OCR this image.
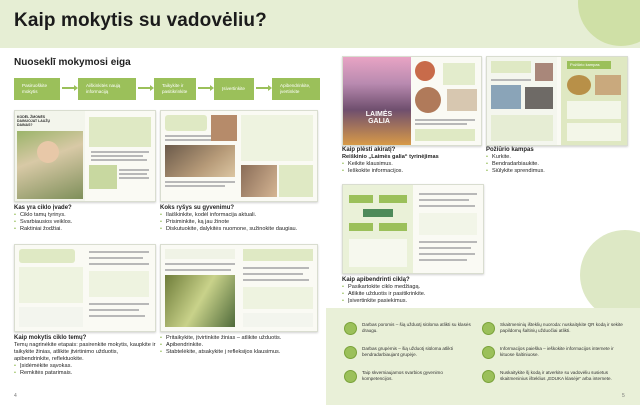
Kaip mokytis su vadovėliu?
Nuoseklī mokymosi eiga
Pasiruoškite mokytis
Aiškinkitės naują informaciją
Taikykite ir pasitikrinkite	Įsivertinkite
Apibendrinkite, įvertinkite
KODĖL ŽMONĖS DAINUOJAT LAUŽŲ DAINAS?
LAIMĖS GALIA
Požiūrio kampas
Kas yra ciklo įvade?
• Ciklo tamų tyrinys.
• Svarbiausios veiklos.
• Raktiniai žodžiai.
Koks ryšys su gyvenimu?
• Ilaiškinkite, kodėl informacija aktuali.
• Prisiminkite, ką jau žinote
• Diskutuokite, dalykitės nuomone, sužinokite daugiau.
Kaip plėsti akiratį?
Reiškinio „Laimės galia“ tyrinėjimas
• Keikite klausimus.
• Ieškokite informacijos.
Požiūrio kampas
• Kurkite.
• Bendradarbiaukite.
• Siūlykite sprendimus.
Kaip apibendrinti ciklą?
• Pasikartokite ciklo medžiagą.
• Atlikite užduotis ir pasitikrinkite.
• Įsivertinkite pasiekimus.
Kaip mokytis ciklo temų?
Temų nagrinėkite etapais: pasirenkite mokytis, kaupkite ir taikykite žinias, atlikite įtvirtinimo užduotis, apibendrinkite, reflektuokite.
• Įsidėmėkite sąvokas.
• Remkitės patarimais.
• Pritaikykite, įtvirtinkite žinias – atlikite užduotis.
• Apibendrinkite.
• Stabtelėkite, atsakykite į refleksijos klausimus.
Darbas poromis – šią užduotį siūloma atlikti su klasės draugu.
Darbas grupėmis – šią užduotį siūloma atlikti bendradarbiaujant grupėje.
Taip skverniaujamos svarbios gyvenimo kompetencijos.
Skaitmeninių išteklių nuoroda: nuskaitykite QR kodą ir sekite papildomų šaltinių užduočiai atlikti.
Informacijos paieška – ieškokite informacijos internete ir kituose šaltiniuose.
Nuskaitykite šį kodą ir atverkite su vadovėliu susietus skaitmeninius išteklius „EDUKA klasėje“ arba internete.
4	5
